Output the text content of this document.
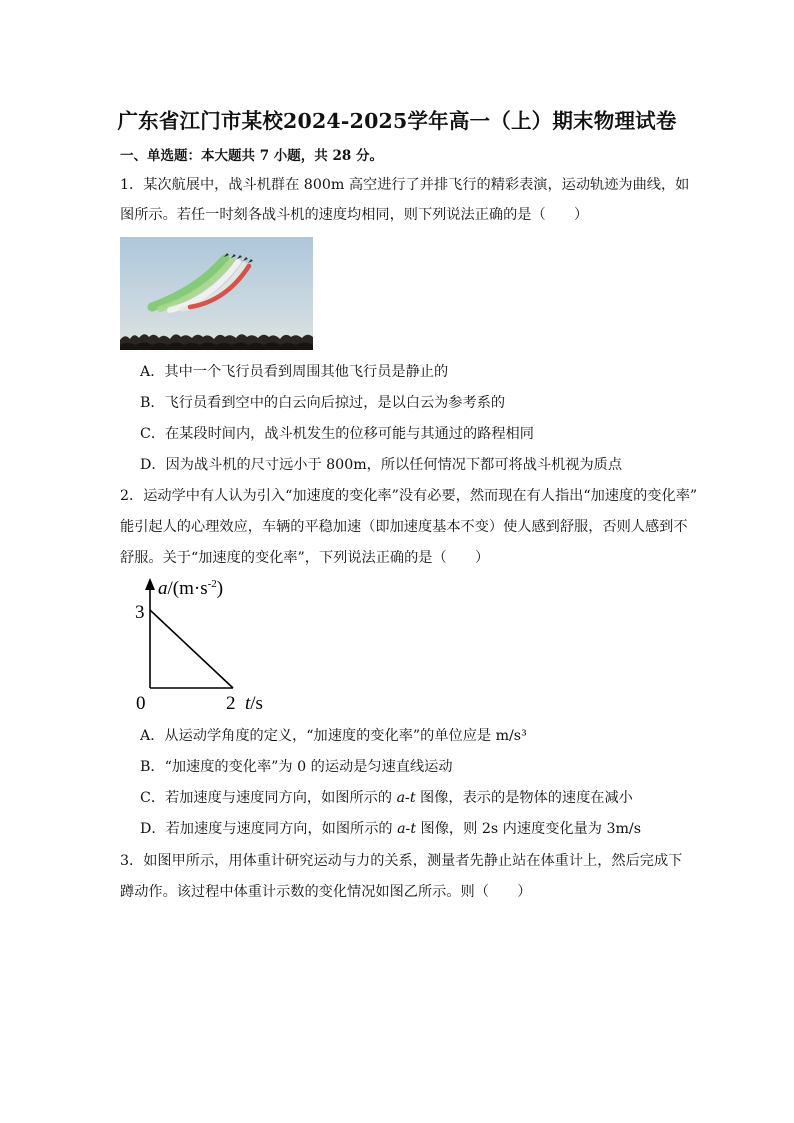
广东省江门市某校2024-2025学年高一（上）期末物理试卷
一、单选题：本大题共 7 小题，共 28 分。
1．某次航展中，战斗机群在 800m 高空进行了并排飞行的精彩表演，运动轨迹为曲线，如
图所示。若任一时刻各战斗机的速度均相同，则下列说法正确的是（　　）
A．其中一个飞行员看到周围其他飞行员是静止的
B．飞行员看到空中的白云向后掠过，是以白云为参考系的
C．在某段时间内，战斗机发生的位移可能与其通过的路程相同
D．因为战斗机的尺寸远小于 800m，所以任何情况下都可将战斗机视为质点
2．运动学中有人认为引入“加速度的变化率”没有必要，然而现在有人指出“加速度的变化率”
能引起人的心理效应，车辆的平稳加速（即加速度基本不变）使人感到舒服，否则人感到不
舒服。关于“加速度的变化率”，下列说法正确的是（　　）
$a/(m\cdot s^{-2})$
3
0	2 t/s
A．从运动学角度的定义，“加速度的变化率”的单位应是 m/s³
B．“加速度的变化率”为 0 的运动是匀速直线运动
C．若加速度与速度同方向，如图所示的 a-t 图像，表示的是物体的速度在减小
D．若加速度与速度同方向，如图所示的 a-t 图像，则 2s 内速度变化量为 3m/s
3．如图甲所示，用体重计研究运动与力的关系，测量者先静止站在体重计上，然后完成下
蹲动作。该过程中体重计示数的变化情况如图乙所示。则（　　）
